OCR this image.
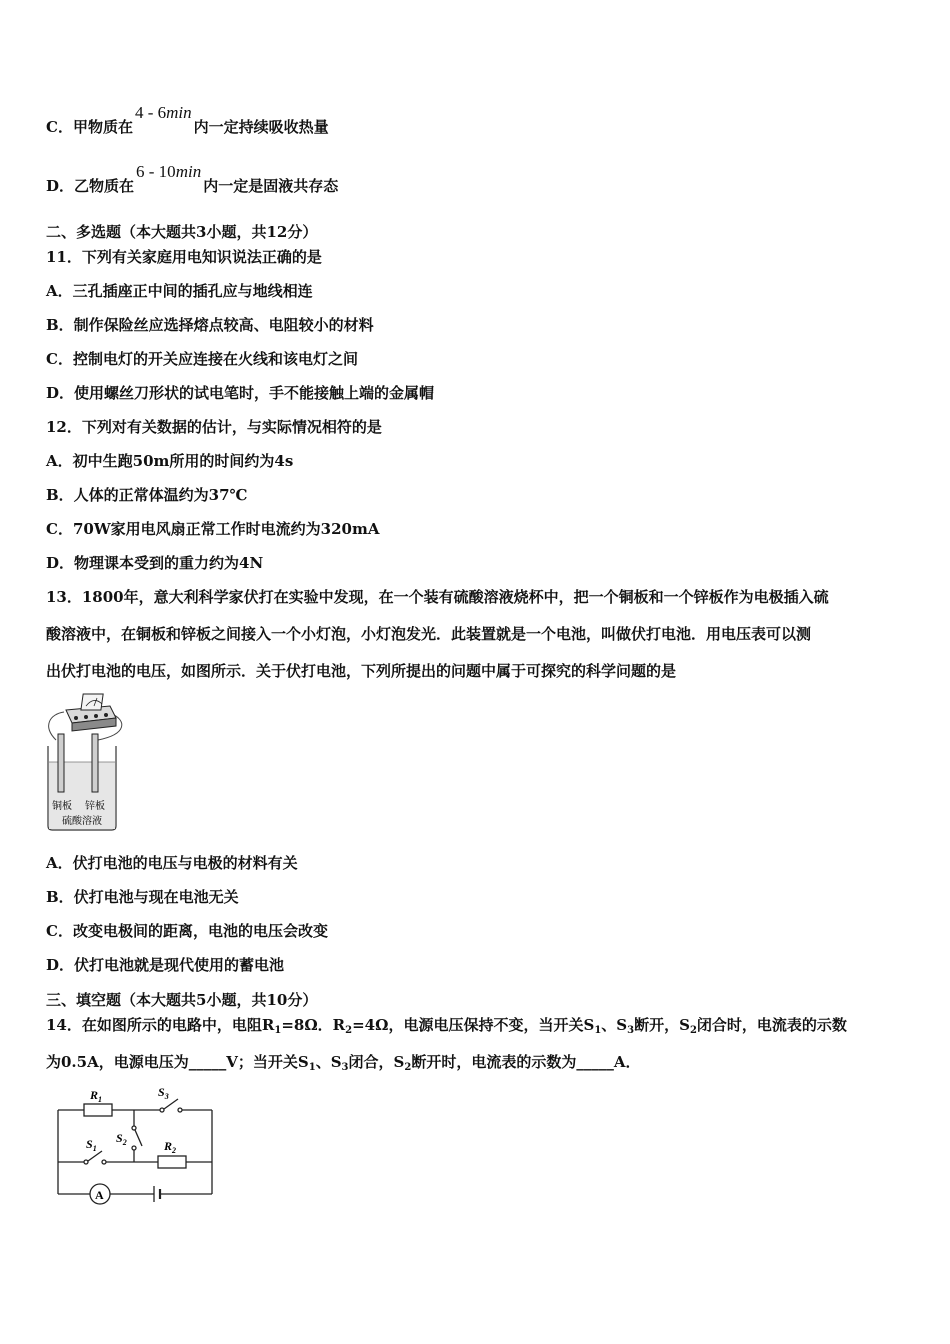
C．甲物质在4 - 6min内一定持续吸收热量
D．乙物质在6 - 10min内一定是固液共存态
二、多选题（本大题共3小题，共12分）
11．下列有关家庭用电知识说法正确的是
A．三孔插座正中间的插孔应与地线相连
B．制作保险丝应选择熔点较高、电阻较小的材料
C．控制电灯的开关应连接在火线和该电灯之间
D．使用螺丝刀形状的试电笔时，手不能接触上端的金属帽
12．下列对有关数据的估计，与实际情况相符的是
A．初中生跑50m所用的时间约为4s
B．人体的正常体温约为37℃
C．70W家用电风扇正常工作时电流约为320mA
D．物理课本受到的重力约为4N
13．1800年，意大利科学家伏打在实验中发现，在一个装有硫酸溶液烧杯中，把一个铜板和一个锌板作为电极插入硫
酸溶液中，在铜板和锌板之间接入一个小灯泡，小灯泡发光．此装置就是一个电池，叫做伏打电池．用电压表可以测
出伏打电池的电压，如图所示．关于伏打电池，下列所提出的问题中属于可探究的科学问题的是
铜板 锌板
硫酸溶液
A．伏打电池的电压与电极的材料有关
B．伏打电池与现在电池无关
C．改变电极间的距离，电池的电压会改变
D．伏打电池就是现代使用的蓄电池
三、填空题（本大题共5小题，共10分）
14．在如图所示的电路中，电阻$R_1=8\Omega$．$R_2=4\Omega$，电源电压保持不变，当开关$S_1$、$S_3$断开，$S_2$闭合时，电流表的示数
为0.5A，电源电压为_____V；当开关$S_1$、$S_3$闭合，$S_2$断开时，电流表的示数为_____A．
$R_1$
$S_3$
$S_2$
$S_1$	$R_2$
A
